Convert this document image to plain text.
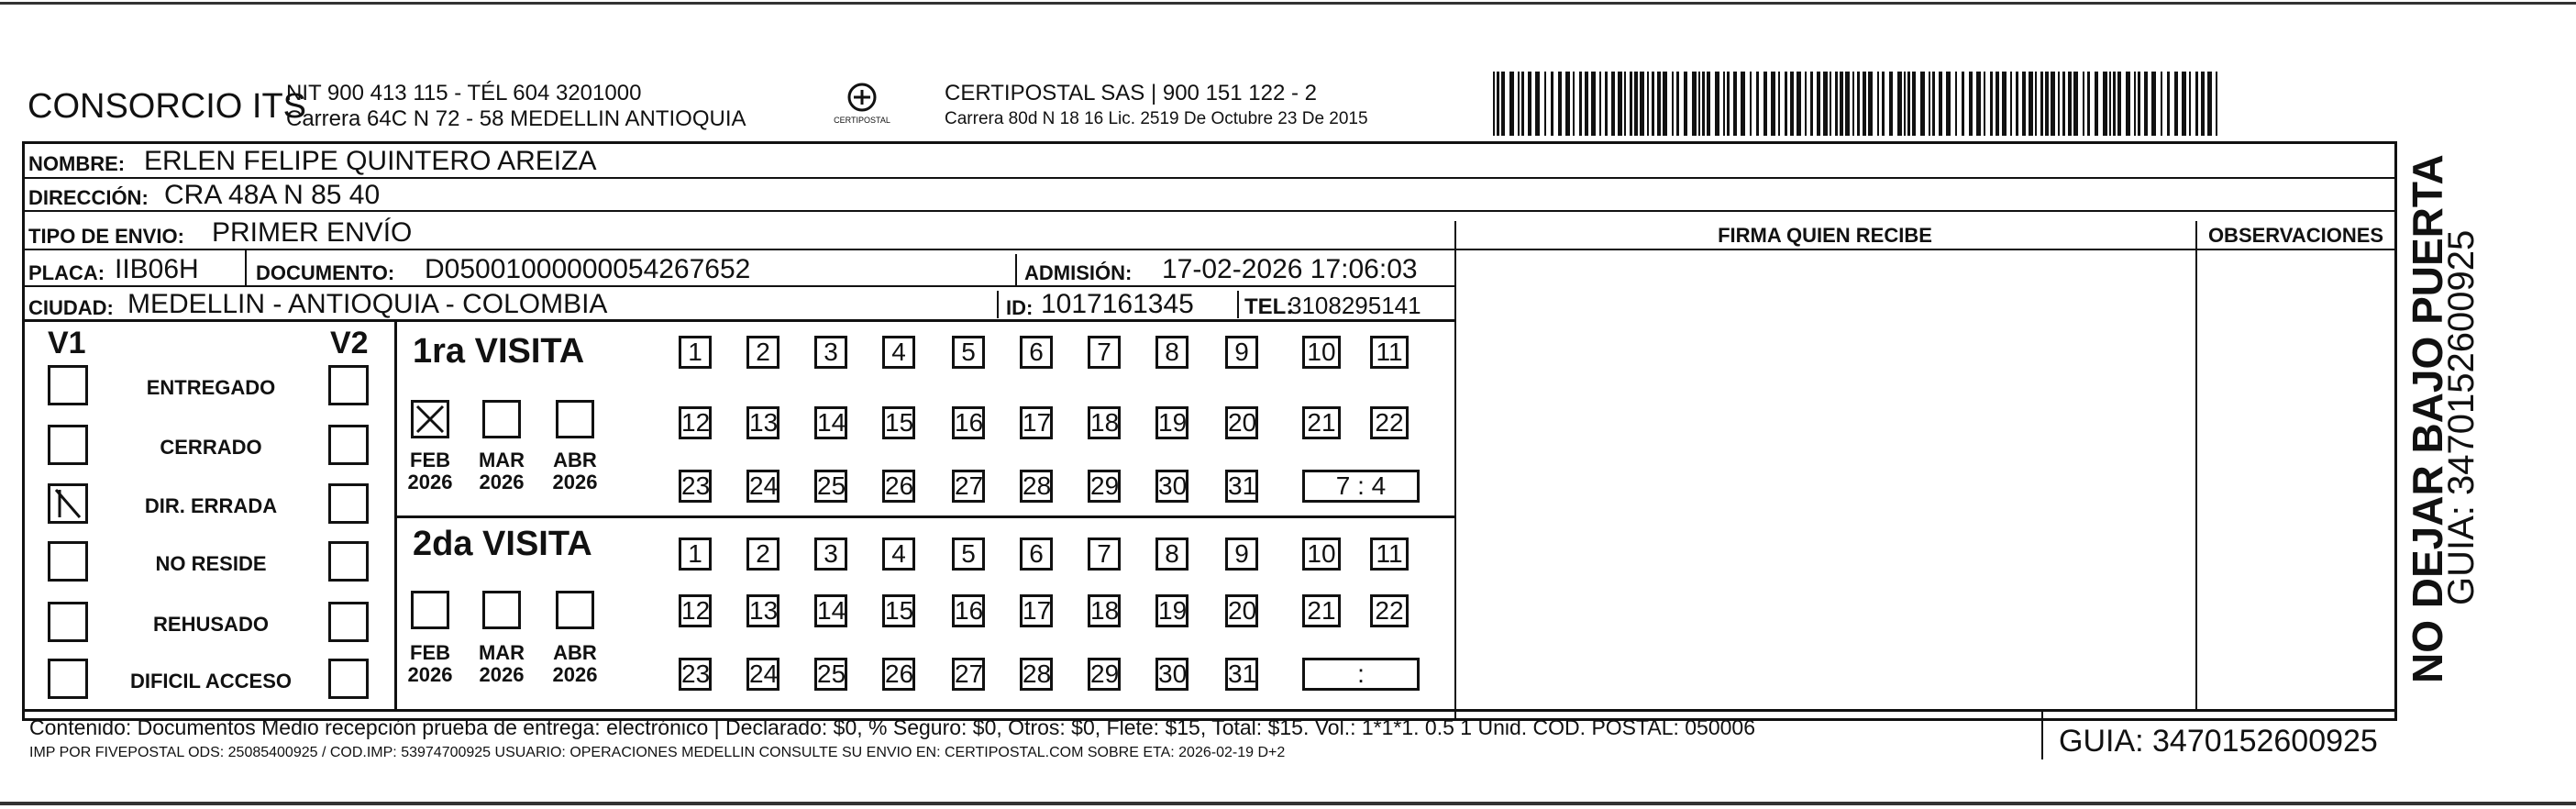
CONSORCIO ITS
NIT 900 413 115 - TÉL 604 3201000
Carrera 64C N 72 - 58 MEDELLIN ANTIOQUIA	CERTIPOSTAL
CERTIPOSTAL SAS | 900 151 122 - 2
Carrera 80d N 18 16 Lic. 2519 De Octubre 23 De 2015
NOMBRE: ERLEN FELIPE QUINTERO AREIZA
DIRECCIÓN: CRA 48A N 85 40
FIRMA QUIEN RECIBE	OBSERVACIONES
TIPO DE ENVIO: PRIMER ENVÍO
PLACA: IIB06H	DOCUMENTO: D05001000000054267652	ADMISIÓN: 17-02-2026 17:06:03
CIUDAD: MEDELLIN - ANTIOQUIA - COLOMBIA	ID: 1017161345 TEL:
3108295141
V1	V2
ENTREGADO
CERRADO
DIR. ERRADA
NO RESIDE
REHUSADO
DIFICIL ACCESO
1ra VISITA
2da VISITA
FEB
2026
MAR
2026
ABR
2026
FEB
2026
MAR
2026
ABR
2026
1	2	3	4	5	6	7	8	9	10 11
12 13 14 15 16 17 18 19 20 21 22
23 24 25 26 27 28 29 30 31	7 : 4
1	2	3	4	5	6	7	8	9	10 11
12 13 14 15 16 17 18 19 20 21 22
23 24 25 26 27 28 29 30 31	:
Contenido: Documentos Medio recepción prueba de entrega: electrónico | Declarado: $0, % Seguro: $0, Otros: $0, Flete: $15, Total: $15. Vol.: 1*1*1. 0.5 1 Unid. COD. POSTAL: 050006
IMP POR FIVEPOSTAL ODS: 25085400925 / COD.IMP: 53974700925 USUARIO: OPERACIONES MEDELLIN CONSULTE SU ENVIO EN: CERTIPOSTAL.COM SOBRE ETA: 2026-02-19 D+2	GUIA: 3470152600925
NO DEJAR BAJO PUERTA
GUIA: 3470152600925
